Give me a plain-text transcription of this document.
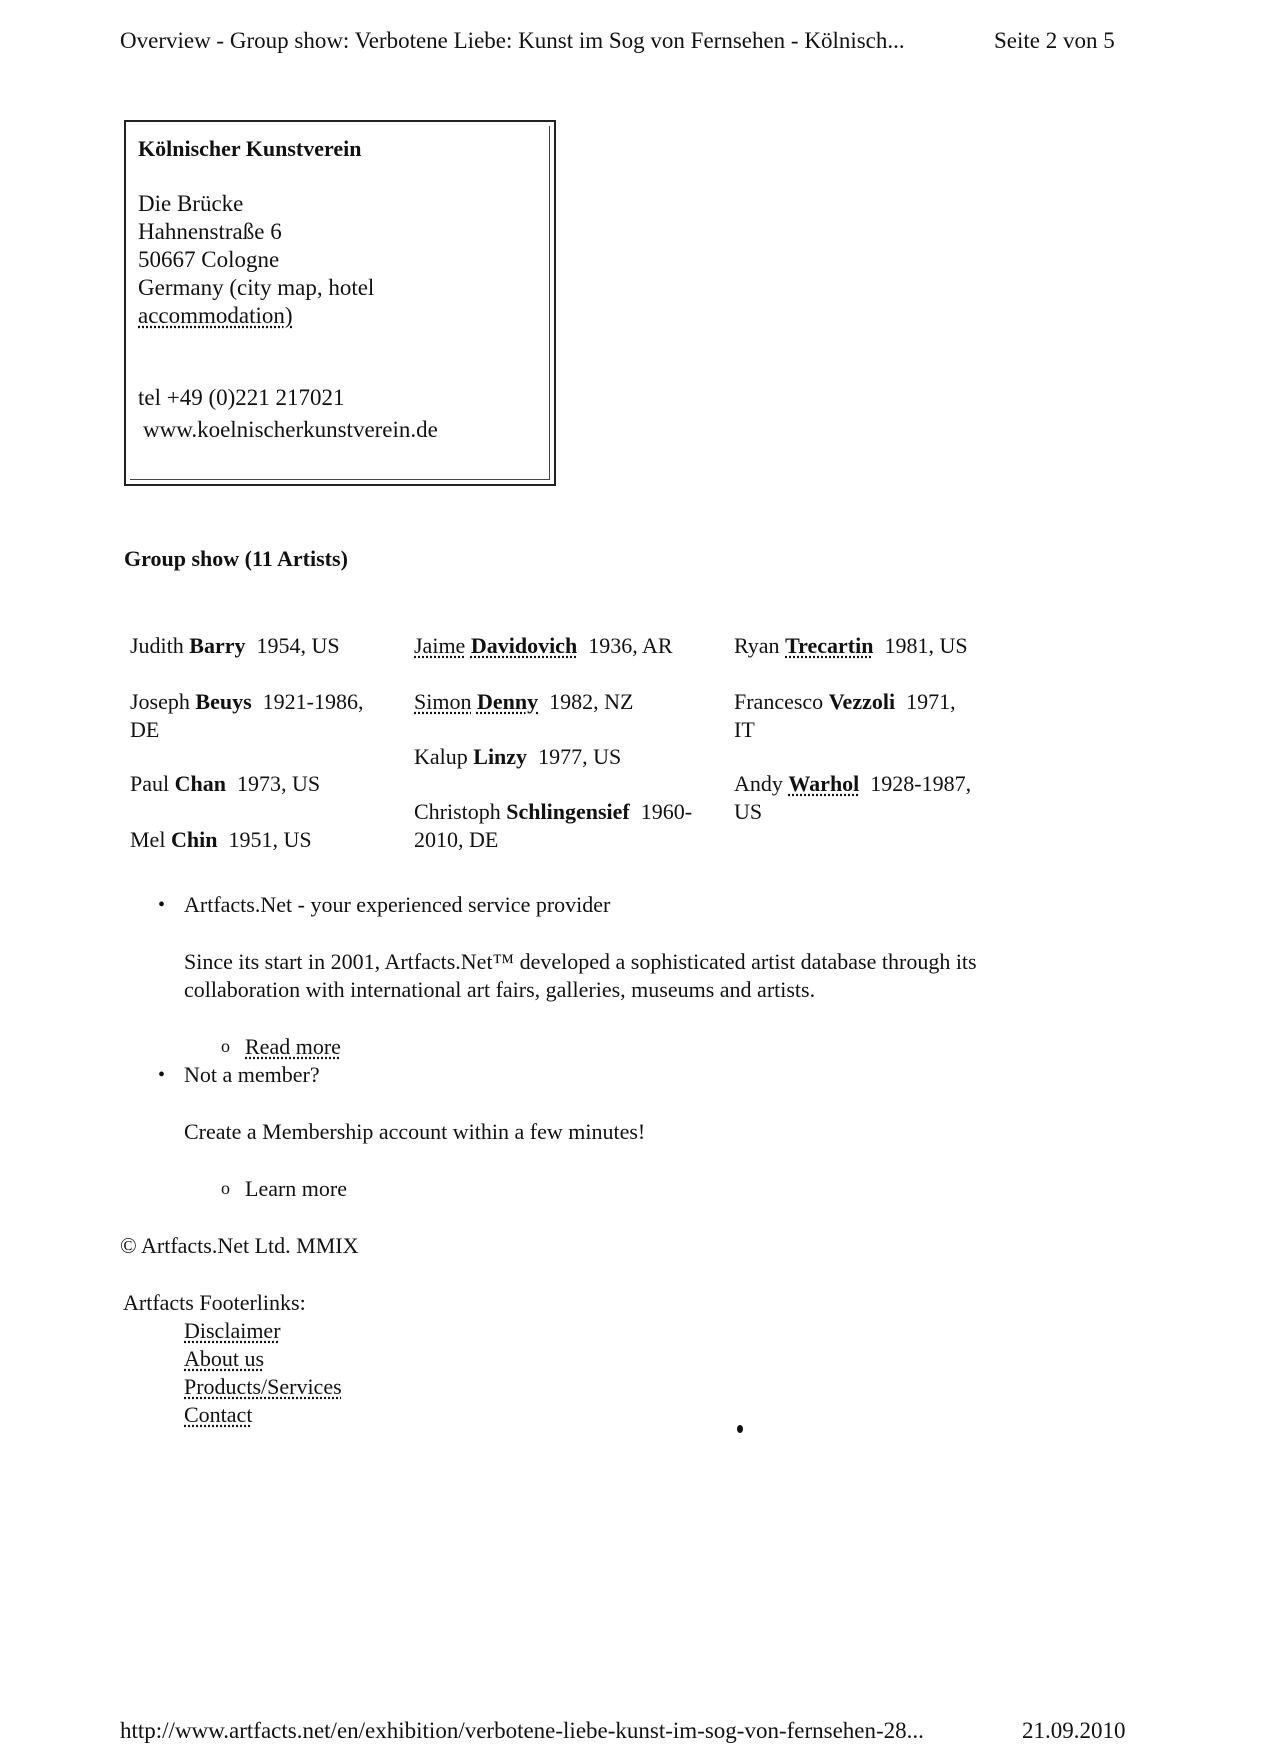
Overview - Group show: Verbotene Liebe: Kunst im Sog von Fernsehen - Kölnisch...	Seite 2 von 5
Kölnischer Kunstverein
Die Brücke
Hahnenstraße 6
50667 Cologne
Germany (city map, hotel
accommodation)
tel +49 (0)221 217021
www.koelnischerkunstverein.de
Group show (11 Artists)
Judith Barry 1954, US
Joseph Beuys 1921-1986,
DE
Paul Chan 1973, US
Mel Chin 1951, US
Jaime Davidovich 1936, AR
Simon Denny 1982, NZ
Kalup Linzy 1977, US
Christoph Schlingensief 1960-
2010, DE
Ryan Trecartin 1981, US
Francesco Vezzoli 1971,
IT
Andy Warhol 1928-1987,
US
• Artfacts.Net - your experienced service provider
Since its start in 2001, Artfacts.Net™ developed a sophisticated artist database through its
collaboration with international art fairs, galleries, museums and artists.
o Read more
• Not a member?
Create a Membership account within a few minutes!
o Learn more
© Artfacts.Net Ltd. MMIX
Artfacts Footerlinks:
Disclaimer
About us
Products/Services
Contact
http://www.artfacts.net/en/exhibition/verbotene-liebe-kunst-im-sog-von-fernsehen-28...	21.09.2010
